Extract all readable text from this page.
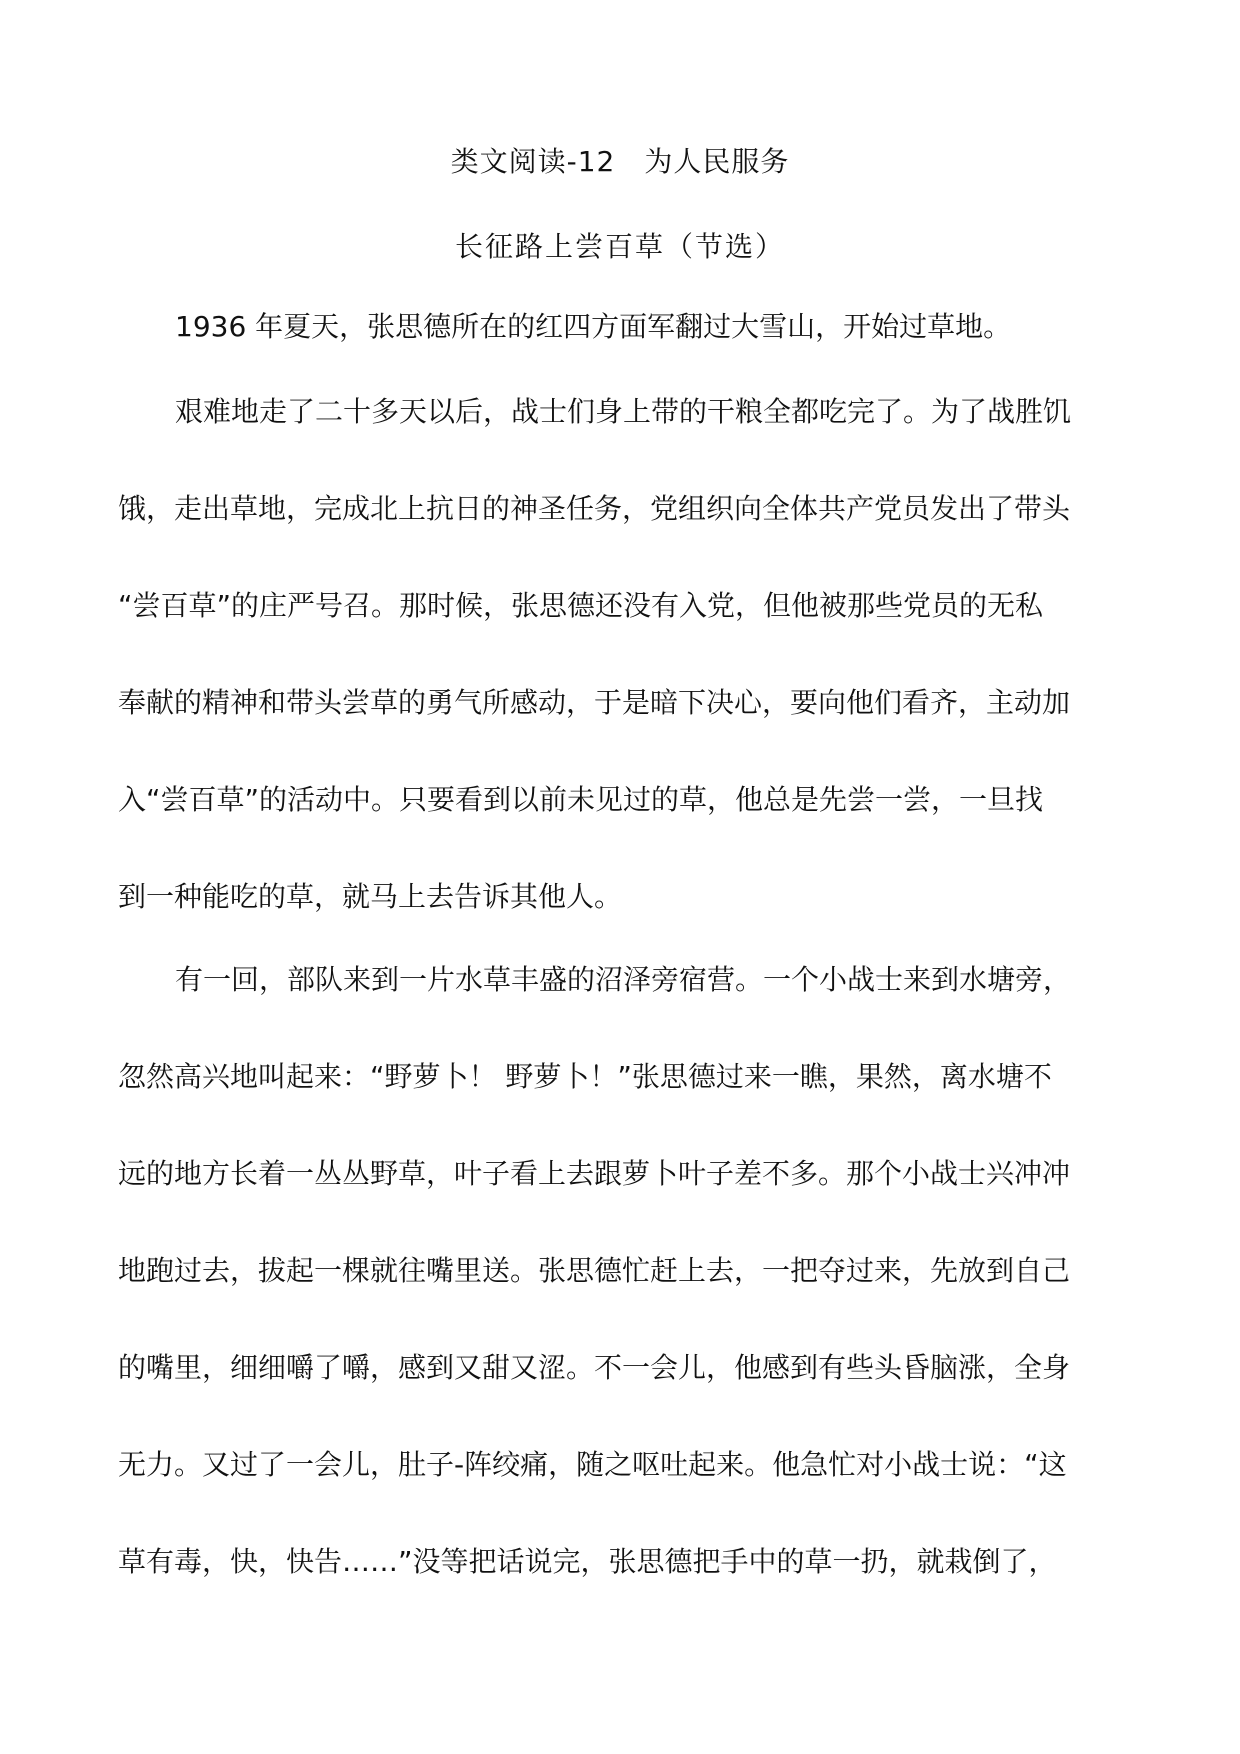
类文阅读-12　为人民服务
长征路上尝百草（节选）
1936 年夏天，张思德所在的红四方面军翻过大雪山，开始过草地。
艰难地走了二十多天以后，战士们身上带的干粮全都吃完了。为了战胜饥
饿，走出草地，完成北上抗日的神圣任务，党组织向全体共产党员发出了带头
“尝百草”的庄严号召。那时候，张思德还没有入党，但他被那些党员的无私
奉献的精神和带头尝草的勇气所感动，于是暗下决心，要向他们看齐，主动加
入“尝百草”的活动中。只要看到以前未见过的草，他总是先尝一尝，一旦找
到一种能吃的草，就马上去告诉其他人。
有一回，部队来到一片水草丰盛的沼泽旁宿营。一个小战士来到水塘旁，
忽然高兴地叫起来：“野萝卜！ 野萝卜！”张思德过来一瞧，果然，离水塘不
远的地方长着一丛丛野草，叶子看上去跟萝卜叶子差不多。那个小战士兴冲冲
地跑过去，拔起一棵就往嘴里送。张思德忙赶上去，一把夺过来，先放到自己
的嘴里，细细嚼了嚼，感到又甜又涩。不一会儿，他感到有些头昏脑涨，全身
无力。又过了一会儿，肚子-阵绞痛，随之呕吐起来。他急忙对小战士说：“这
草有毒，快，快告……”没等把话说完，张思德把手中的草一扔，就栽倒了，
